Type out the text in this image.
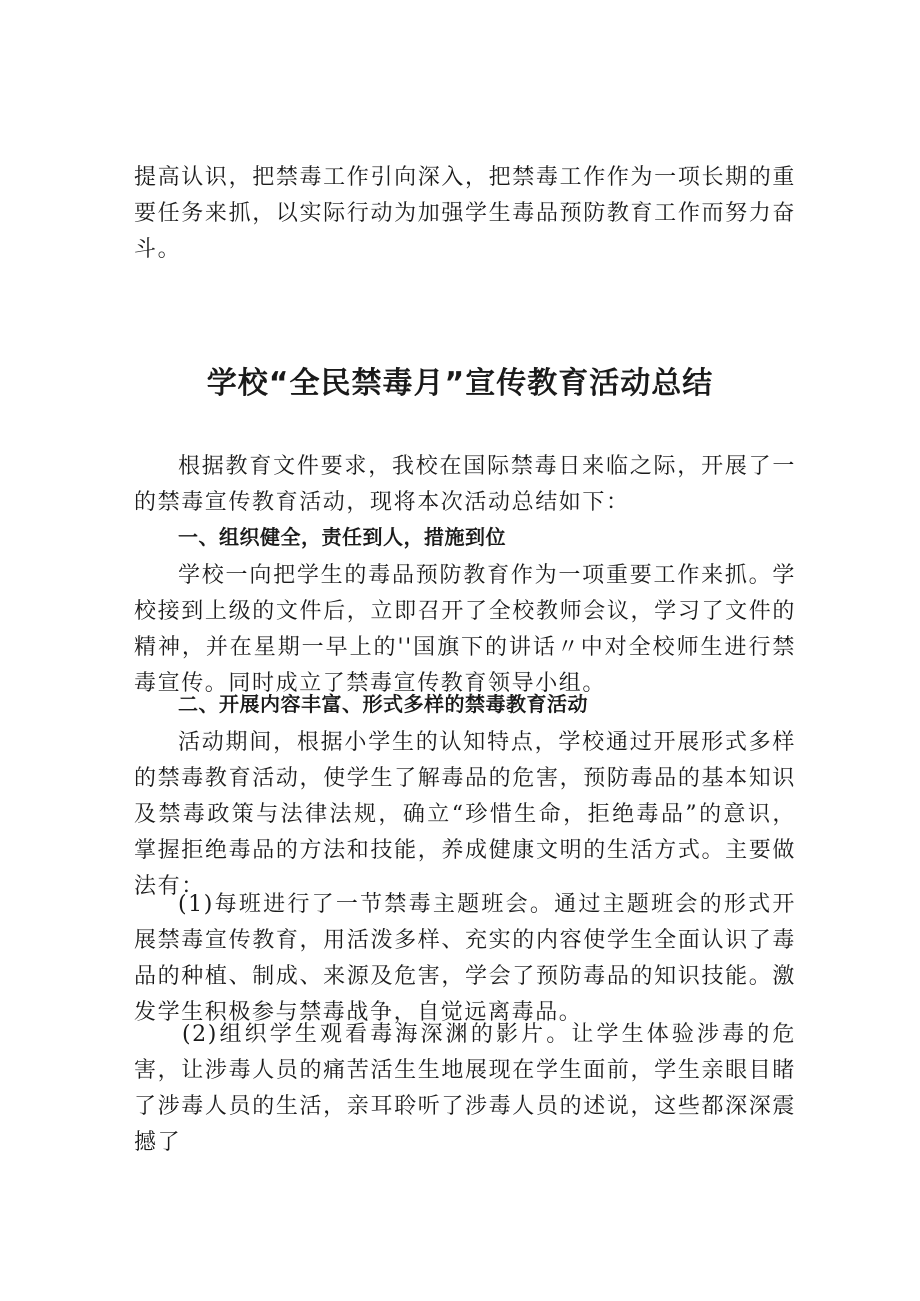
提高认识，把禁毒工作引向深入，把禁毒工作作为一项长期的重要任务来抓，以实际行动为加强学生毒品预防教育工作而努力奋斗。

学校“全民禁毒月”宣传教育活动总结

根据教育文件要求，我校在国际禁毒日来临之际，开展了一的禁毒宣传教育活动，现将本次活动总结如下：

一、组织健全，责任到人，措施到位

学校一向把学生的毒品预防教育作为一项重要工作来抓。学校接到上级的文件后，立即召开了全校教师会议，学习了文件的精神，并在星期一早上的''国旗下的讲话〃中对全校师生进行禁毒宣传。同时成立了禁毒宣传教育领导小组。

二、开展内容丰富、形式多样的禁毒教育活动

活动期间，根据小学生的认知特点，学校通过开展形式多样的禁毒教育活动，使学生了解毒品的危害，预防毒品的基本知识及禁毒政策与法律法规，确立“珍惜生命，拒绝毒品”的意识，掌握拒绝毒品的方法和技能，养成健康文明的生活方式。主要做法有：

(1)每班进行了一节禁毒主题班会。通过主题班会的形式开展禁毒宣传教育，用活泼多样、充实的内容使学生全面认识了毒品的种植、制成、来源及危害，学会了预防毒品的知识技能。激发学生积极参与禁毒战争，自觉远离毒品。

(2)组织学生观看毒海深渊的影片。让学生体验涉毒的危害，让涉毒人员的痛苦活生生地展现在学生面前，学生亲眼目睹了涉毒人员的生活，亲耳聆听了涉毒人员的述说，这些都深深震撼了
